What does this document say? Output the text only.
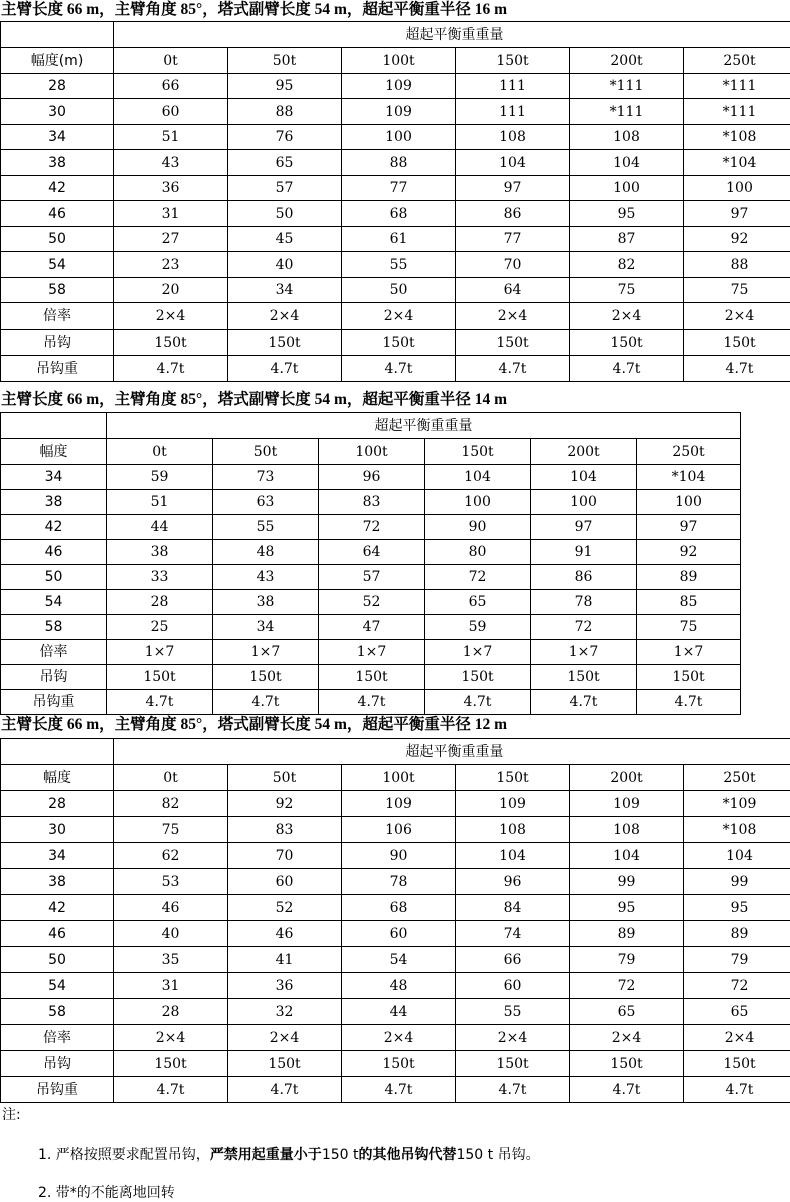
主臂长度 66 m，主臂角度 85°，塔式副臂长度 54 m，超起平衡重半径 16 m
	超起平衡重重量					
幅度(m)	0t	50t	100t	150t	200t	250t
28	66	95	109	111	*111	*111
30	60	88	109	111	*111	*111
34	51	76	100	108	108	*108
38	43	65	88	104	104	*104
42	36	57	77	97	100	100
46	31	50	68	86	95	97
50	27	45	61	77	87	92
54	23	40	55	70	82	88
58	20	34	50	64	75	75
倍率	2×4	2×4	2×4	2×4	2×4	2×4
吊钩	150t	150t	150t	150t	150t	150t
吊钩重	4.7t	4.7t	4.7t	4.7t	4.7t	4.7t
主臂长度 66 m，主臂角度 85°，塔式副臂长度 54 m，超起平衡重半径 14 m
	超起平衡重重量					
幅度	0t	50t	100t	150t	200t	250t
34	59	73	96	104	104	*104
38	51	63	83	100	100	100
42	44	55	72	90	97	97
46	38	48	64	80	91	92
50	33	43	57	72	86	89
54	28	38	52	65	78	85
58	25	34	47	59	72	75
倍率	1×7	1×7	1×7	1×7	1×7	1×7
吊钩	150t	150t	150t	150t	150t	150t
吊钩重	4.7t	4.7t	4.7t	4.7t	4.7t	4.7t
主臂长度 66 m，主臂角度 85°，塔式副臂长度 54 m，超起平衡重半径 12 m
	超起平衡重重量					
幅度	0t	50t	100t	150t	200t	250t
28	82	92	109	109	109	*109
30	75	83	106	108	108	*108
34	62	70	90	104	104	104
38	53	60	78	96	99	99
42	46	52	68	84	95	95
46	40	46	60	74	89	89
50	35	41	54	66	79	79
54	31	36	48	60	72	72
58	28	32	44	55	65	65
倍率	2×4	2×4	2×4	2×4	2×4	2×4
吊钩	150t	150t	150t	150t	150t	150t
吊钩重	4.7t	4.7t	4.7t	4.7t	4.7t	4.7t
注:
1. 严格按照要求配置吊钩，严禁用起重量小于150 t的其他吊钩代替150 t 吊钩。
2. 带*的不能离地回转
